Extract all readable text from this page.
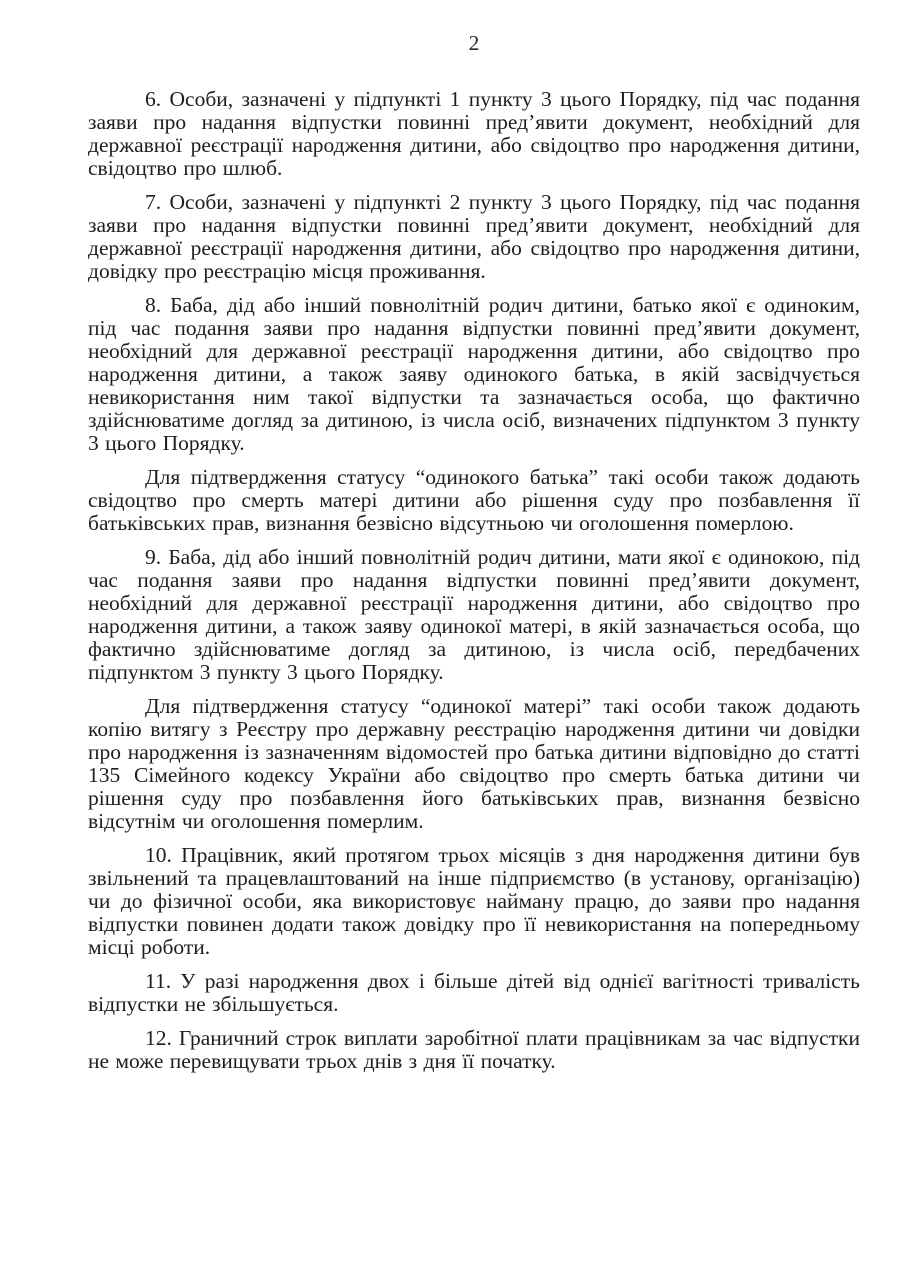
2

6. Особи, зазначені у підпункті 1 пункту 3 цього Порядку, під час подання заяви про надання відпустки повинні пред’явити документ, необхідний для державної реєстрації народження дитини, або свідоцтво про народження дитини, свідоцтво про шлюб.

7. Особи, зазначені у підпункті 2 пункту 3 цього Порядку, під час подання заяви про надання відпустки повинні пред’явити документ, необхідний для державної реєстрації народження дитини, або свідоцтво про народження дитини, довідку про реєстрацію місця проживання.

8. Баба, дід або інший повнолітній родич дитини, батько якої є одиноким, під час подання заяви про надання відпустки повинні пред’явити документ, необхідний для державної реєстрації народження дитини, або свідоцтво про народження дитини, а також заяву одинокого батька, в якій засвідчується невикористання ним такої відпустки та зазначається особа, що фактично здійснюватиме догляд за дитиною, із числа осіб, визначених підпунктом 3 пункту 3 цього Порядку.

Для підтвердження статусу “одинокого батька” такі особи також додають свідоцтво про смерть матері дитини або рішення суду про позбавлення її батьківських прав, визнання безвісно відсутньою чи оголошення померлою.

9. Баба, дід або інший повнолітній родич дитини, мати якої є одинокою, під час подання заяви про надання відпустки повинні пред’явити документ, необхідний для державної реєстрації народження дитини, або свідоцтво про народження дитини, а також заяву одинокої матері, в якій зазначається особа, що фактично здійснюватиме догляд за дитиною, із числа осіб, передбачених підпунктом 3 пункту 3 цього Порядку.

Для підтвердження статусу “одинокої матері” такі особи також додають копію витягу з Реєстру про державну реєстрацію народження дитини чи довідки про народження із зазначенням відомостей про батька дитини відповідно до статті 135 Сімейного кодексу України або свідоцтво про смерть батька дитини чи рішення суду про позбавлення його батьківських прав, визнання безвісно відсутнім чи оголошення померлим.

10. Працівник, який протягом трьох місяців з дня народження дитини був звільнений та працевлаштований на інше підприємство (в установу, організацію) чи до фізичної особи, яка використовує найману працю, до заяви про надання відпустки повинен додати також довідку про її невикористання на попередньому місці роботи.

11. У разі народження двох і більше дітей від однієї вагітності тривалість відпустки не збільшується.

12. Граничний строк виплати заробітної плати працівникам за час відпустки не може перевищувати трьох днів з дня її початку.
